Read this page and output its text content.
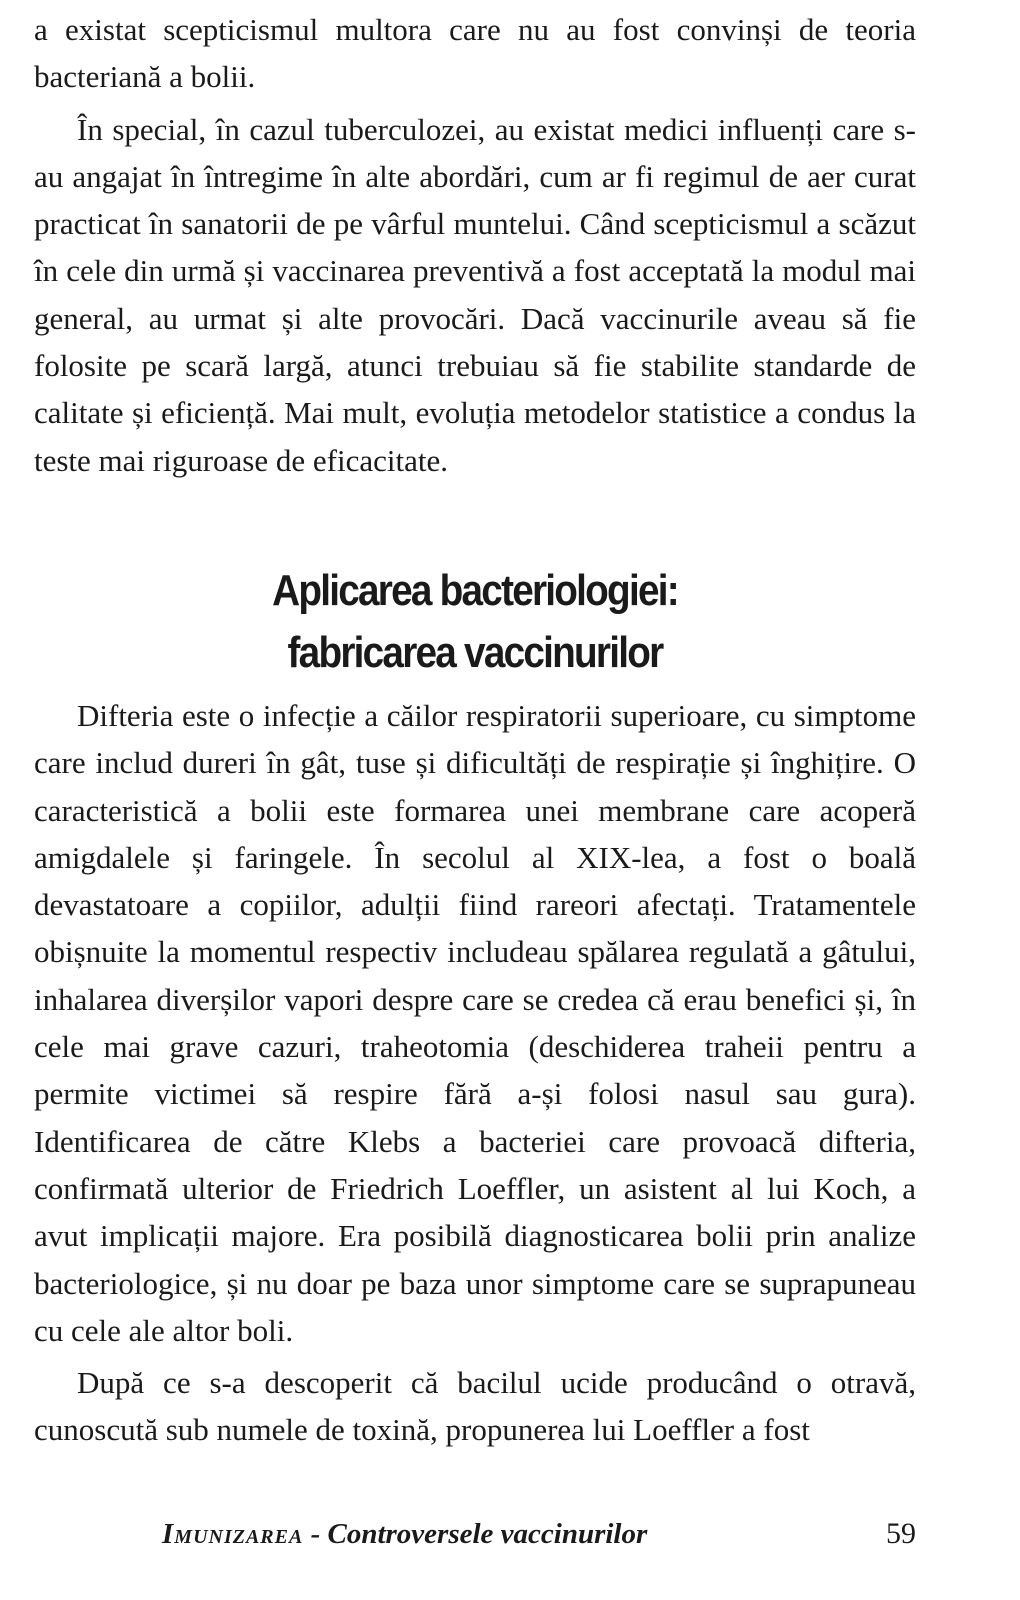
a existat scepticismul multora care nu au fost convinși de teoria bacteriană a bolii.

În special, în cazul tuberculozei, au existat medici influenți care s-au angajat în întregime în alte abordări, cum ar fi regimul de aer curat practicat în sanatorii de pe vârful muntelui. Când scepticismul a scăzut în cele din urmă și vaccinarea preventivă a fost acceptată la modul mai general, au urmat și alte provocări. Dacă vaccinurile aveau să fie folosite pe scară largă, atunci trebuiau să fie stabilite standarde de calitate și eficiență. Mai mult, evoluția metodelor statistice a condus la teste mai riguroase de eficacitate.

Aplicarea bacteriologiei:
fabricarea vaccinurilor

Difteria este o infecție a căilor respiratorii superioare, cu simptome care includ dureri în gât, tuse și dificultăți de respirație și înghițire. O caracteristică a bolii este formarea unei membrane care acoperă amigdalele și faringele. În secolul al XIX-lea, a fost o boală devastatoare a copiilor, adulții fiind rareori afectați. Tratamentele obișnuite la momentul respectiv includeau spălarea regulată a gâtului, inhalarea diverșilor vapori despre care se credea că erau benefici și, în cele mai grave cazuri, traheotomia (deschiderea traheii pentru a permite victimei să respire fără a-și folosi nasul sau gura). Identificarea de către Klebs a bacteriei care provoacă difteria, confirmată ulterior de Friedrich Loeffler, un asistent al lui Koch, a avut implicații majore. Era posibilă diagnosticarea bolii prin analize bacteriologice, și nu doar pe baza unor simptome care se suprapuneau cu cele ale altor boli.

După ce s-a descoperit că bacilul ucide producând o otravă, cunoscută sub numele de toxină, propunerea lui Loeffler a fost

Imunizarea - Controversele vaccinurilor	59
